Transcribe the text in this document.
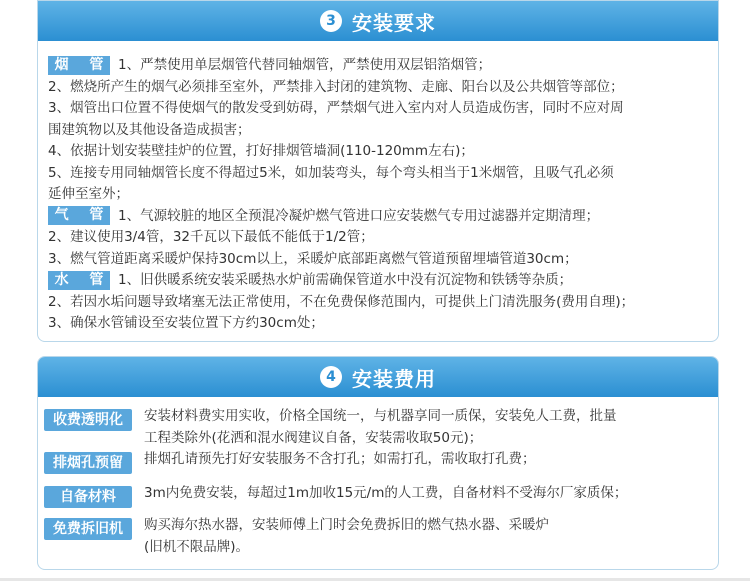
3 安装要求
烟 管 1、严禁使用单层烟管代替同轴烟管，严禁使用双层铝箔烟管；
2、燃烧所产生的烟气必须排至室外，严禁排入封闭的建筑物、走廊、阳台以及公共烟管等部位；
3、烟管出口位置不得使烟气的散发受到妨碍，严禁烟气进入室内对人员造成伤害，同时不应对周
围建筑物以及其他设备造成损害；
4、依据计划安装壁挂炉的位置，打好排烟管墙洞(110-120mm左右)；
5、连接专用同轴烟管长度不得超过5米，如加装弯头，每个弯头相当于1米烟管，且吸气孔必须
延伸至室外；
气 管 1、气源较脏的地区全预混冷凝炉燃气管进口应安装燃气专用过滤器并定期清理；
2、建议使用3/4管，32千瓦以下最低不能低于1/2管；
3、燃气管道距离采暖炉保持30cm以上，采暖炉底部距离燃气管道预留埋墙管道30cm；
水 管 1、旧供暖系统安装采暖热水炉前需确保管道水中没有沉淀物和铁锈等杂质；
2、若因水垢问题导致堵塞无法正常使用，不在免费保修范围内，可提供上门清洗服务(费用自理)；
3、确保水管铺设至安装位置下方约30cm处；
4 安装费用
收费透明化	安装材料费实用实收，价格全国统一，与机器享同一质保，安装免人工费，批量
工程类除外(花洒和混水阀建议自备，安装需收取50元)；
排烟孔预留	排烟孔请预先打好安装服务不含打孔；如需打孔，需收取打孔费；
自备材料	3m内免费安装，每超过1m加收15元/m的人工费，自备材料不受海尔厂家质保；
免费拆旧机	购买海尔热水器，安装师傅上门时会免费拆旧的燃气热水器、采暖炉
(旧机不限品牌)。
